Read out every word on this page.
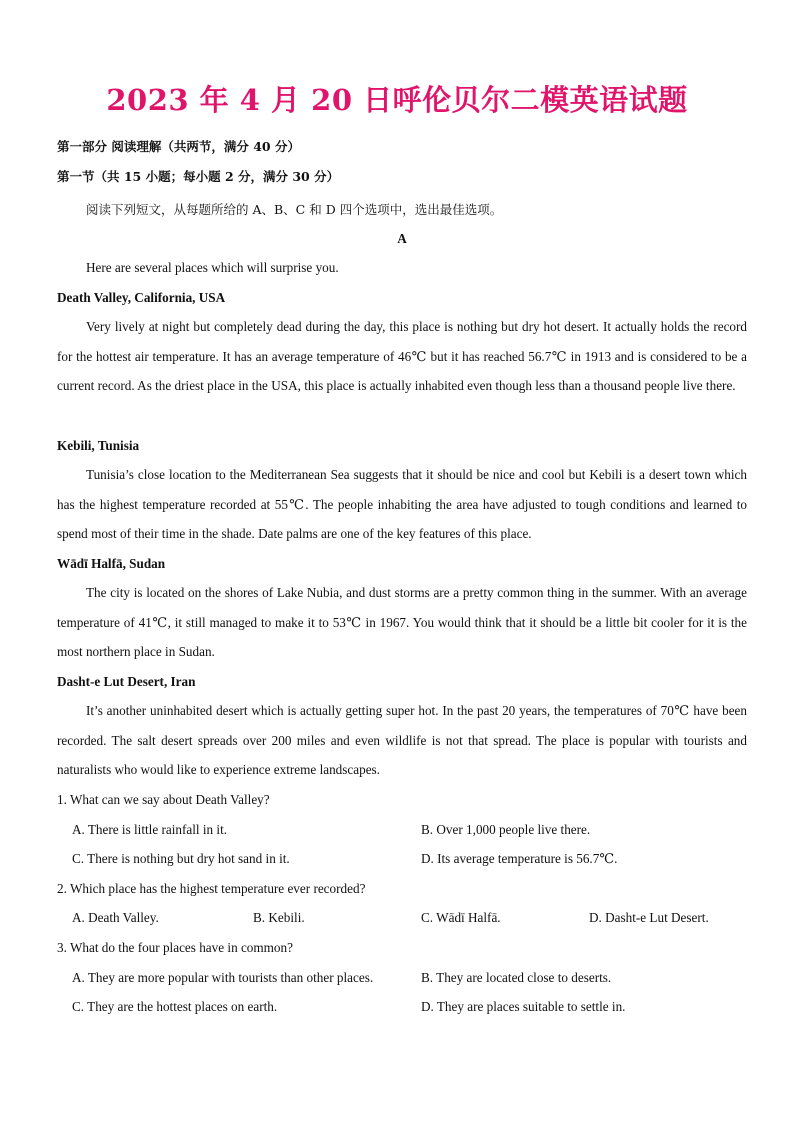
2023 年 4 月 20 日呼伦贝尔二模英语试题
第一部分 阅读理解（共两节，满分 40 分）
第一节（共 15 小题；每小题 2 分，满分 30 分）
阅读下列短文，从每题所给的 A、B、C 和 D 四个选项中，选出最佳选项。
A
Here are several places which will surprise you.
Death Valley, California, USA
Very lively at night but completely dead during the day, this place is nothing but dry hot desert. It actually holds the record for the hottest air temperature. It has an average temperature of 46℃ but it has reached 56.7℃ in 1913 and is considered to be a current record. As the driest place in the USA, this place is actually inhabited even though less than a thousand people live there.
Kebili, Tunisia
Tunisia’s close location to the Mediterranean Sea suggests that it should be nice and cool but Kebili is a desert town which has the highest temperature recorded at 55℃. The people inhabiting the area have adjusted to tough conditions and learned to spend most of their time in the shade. Date palms are one of the key features of this place.
Wādī Halfā, Sudan
The city is located on the shores of Lake Nubia, and dust storms are a pretty common thing in the summer. With an average temperature of 41℃, it still managed to make it to 53℃ in 1967. You would think that it should be a little bit cooler for it is the most northern place in Sudan.
Dasht-e Lut Desert, Iran
It’s another uninhabited desert which is actually getting super hot. In the past 20 years, the temperatures of 70℃ have been recorded. The salt desert spreads over 200 miles and even wildlife is not that spread. The place is popular with tourists and naturalists who would like to experience extreme landscapes.
1. What can we say about Death Valley?
A. There is little rainfall in it.	B. Over 1,000 people live there.
C. There is nothing but dry hot sand in it.	D. Its average temperature is 56.7℃.
2. Which place has the highest temperature ever recorded?
A. Death Valley.	B. Kebili.	C. Wādī Halfā.	D. Dasht-e Lut Desert.
3. What do the four places have in common?
A. They are more popular with tourists than other places.	B. They are located close to deserts.
C. They are the hottest places on earth.	D. They are places suitable to settle in.
